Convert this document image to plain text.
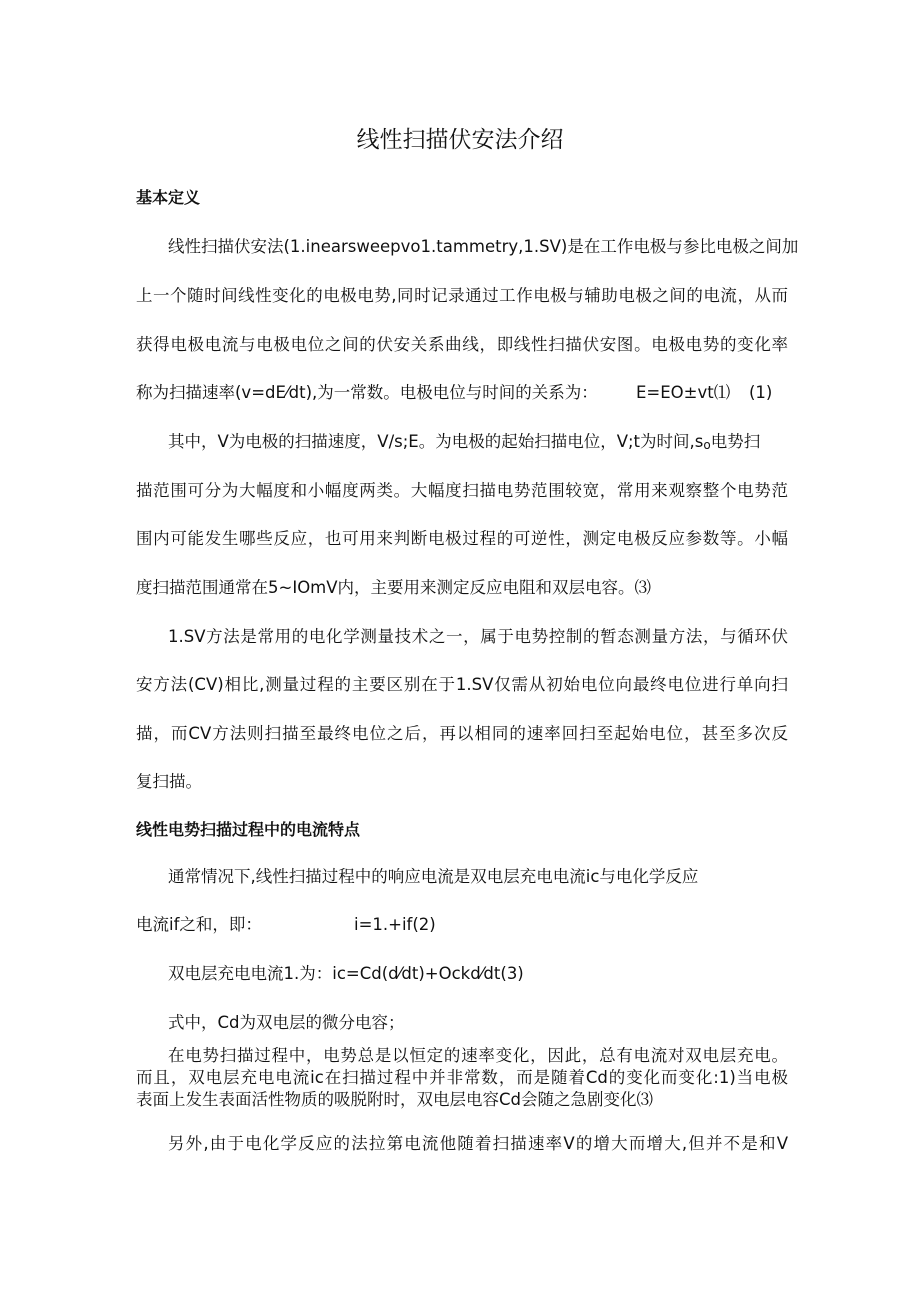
线性扫描伏安法介绍
基本定义
线性扫描伏安法(1.inearsweepvo1.tammetry,1.SV)是在工作电极与参比电极之间加
上一个随时间线性变化的电极电势,同时记录通过工作电极与辅助电极之间的电流，从而
获得电极电流与电极电位之间的伏安关系曲线，即线性扫描伏安图。电极电势的变化率
称为扫描速率(v=dE⁄dt),为一常数。电极电位与时间的关系为： E=EO±vt⑴ (1)
其中，V为电极的扫描速度，V/s;E。为电极的起始扫描电位，V;t为时间,so电势扫
描范围可分为大幅度和小幅度两类。大幅度扫描电势范围较宽，常用来观察整个电势范
围内可能发生哪些反应，也可用来判断电极过程的可逆性，测定电极反应参数等。小幅
度扫描范围通常在5~IOmV内，主要用来测定反应电阻和双层电容。⑶
1.SV方法是常用的电化学测量技术之一，属于电势控制的暂态测量方法，与循环伏
安方法(CV)相比,测量过程的主要区别在于1.SV仅需从初始电位向最终电位进行单向扫
描，而CV方法则扫描至最终电位之后，再以相同的速率回扫至起始电位，甚至多次反
复扫描。
线性电势扫描过程中的电流特点
通常情况下,线性扫描过程中的响应电流是双电层充电电流ic与电化学反应
电流if之和，即：	i=1.+if(2)
双电层充电电流1.为：ic=Cd(d⁄dt)+Ockd⁄dt(3)
式中，Cd为双电层的微分电容；
在电势扫描过程中，电势总是以恒定的速率变化，因此，总有电流对双电层充电。
而且，双电层充电电流ic在扫描过程中并非常数，而是随着Cd的变化而变化:1)当电极
表面上发生表面活性物质的吸脱附时，双电层电容Cd会随之急剧变化⑶
另外,由于电化学反应的法拉第电流他随着扫描速率V的增大而增大,但并不是和V
